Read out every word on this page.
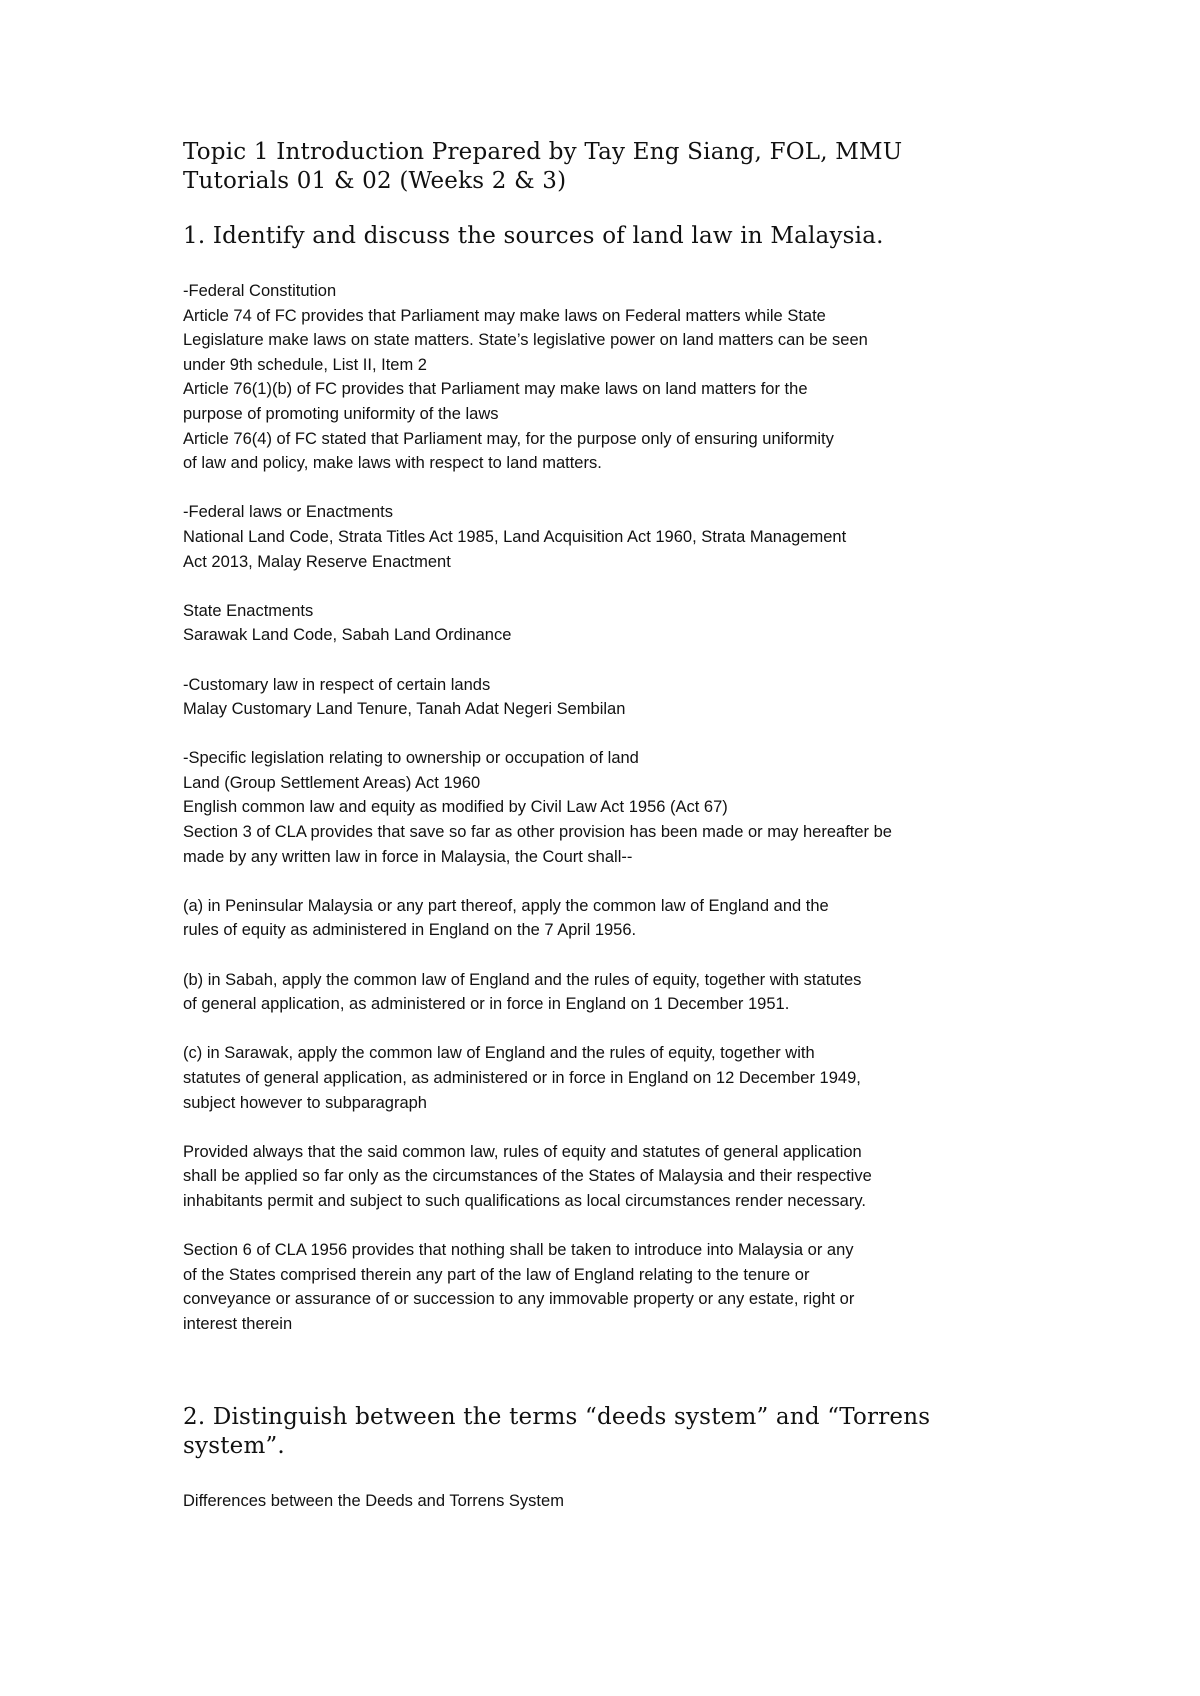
Topic 1 Introduction Prepared by Tay Eng Siang, FOL, MMU
Tutorials 01 & 02 (Weeks 2 & 3)
1. Identify and discuss the sources of land law in Malaysia.

-Federal Constitution
Article 74 of FC provides that Parliament may make laws on Federal matters while State
Legislature make laws on state matters. State’s legislative power on land matters can be seen
under 9th schedule, List II, Item 2
Article 76(1)(b) of FC provides that Parliament may make laws on land matters for the
purpose of promoting uniformity of the laws
Article 76(4) of FC stated that Parliament may, for the purpose only of ensuring uniformity
of law and policy, make laws with respect to land matters.

-Federal laws or Enactments
National Land Code, Strata Titles Act 1985, Land Acquisition Act 1960, Strata Management
Act 2013, Malay Reserve Enactment

State Enactments
Sarawak Land Code, Sabah Land Ordinance

-Customary law in respect of certain lands
Malay Customary Land Tenure, Tanah Adat Negeri Sembilan

-Specific legislation relating to ownership or occupation of land
Land (Group Settlement Areas) Act 1960
English common law and equity as modified by Civil Law Act 1956 (Act 67)
Section 3 of CLA provides that save so far as other provision has been made or may hereafter be
made by any written law in force in Malaysia, the Court shall--

(a) in Peninsular Malaysia or any part thereof, apply the common law of England and the
rules of equity as administered in England on the 7 April 1956.

(b) in Sabah, apply the common law of England and the rules of equity, together with statutes
of general application, as administered or in force in England on 1 December 1951.

(c) in Sarawak, apply the common law of England and the rules of equity, together with
statutes of general application, as administered or in force in England on 12 December 1949,
subject however to subparagraph

Provided always that the said common law, rules of equity and statutes of general application
shall be applied so far only as the circumstances of the States of Malaysia and their respective
inhabitants permit and subject to such qualifications as local circumstances render necessary.

Section 6 of CLA 1956 provides that nothing shall be taken to introduce into Malaysia or any
of the States comprised therein any part of the law of England relating to the tenure or
conveyance or assurance of or succession to any immovable property or any estate, right or
interest therein

2. Distinguish between the terms “deeds system” and “Torrens
system”.

Differences between the Deeds and Torrens System
